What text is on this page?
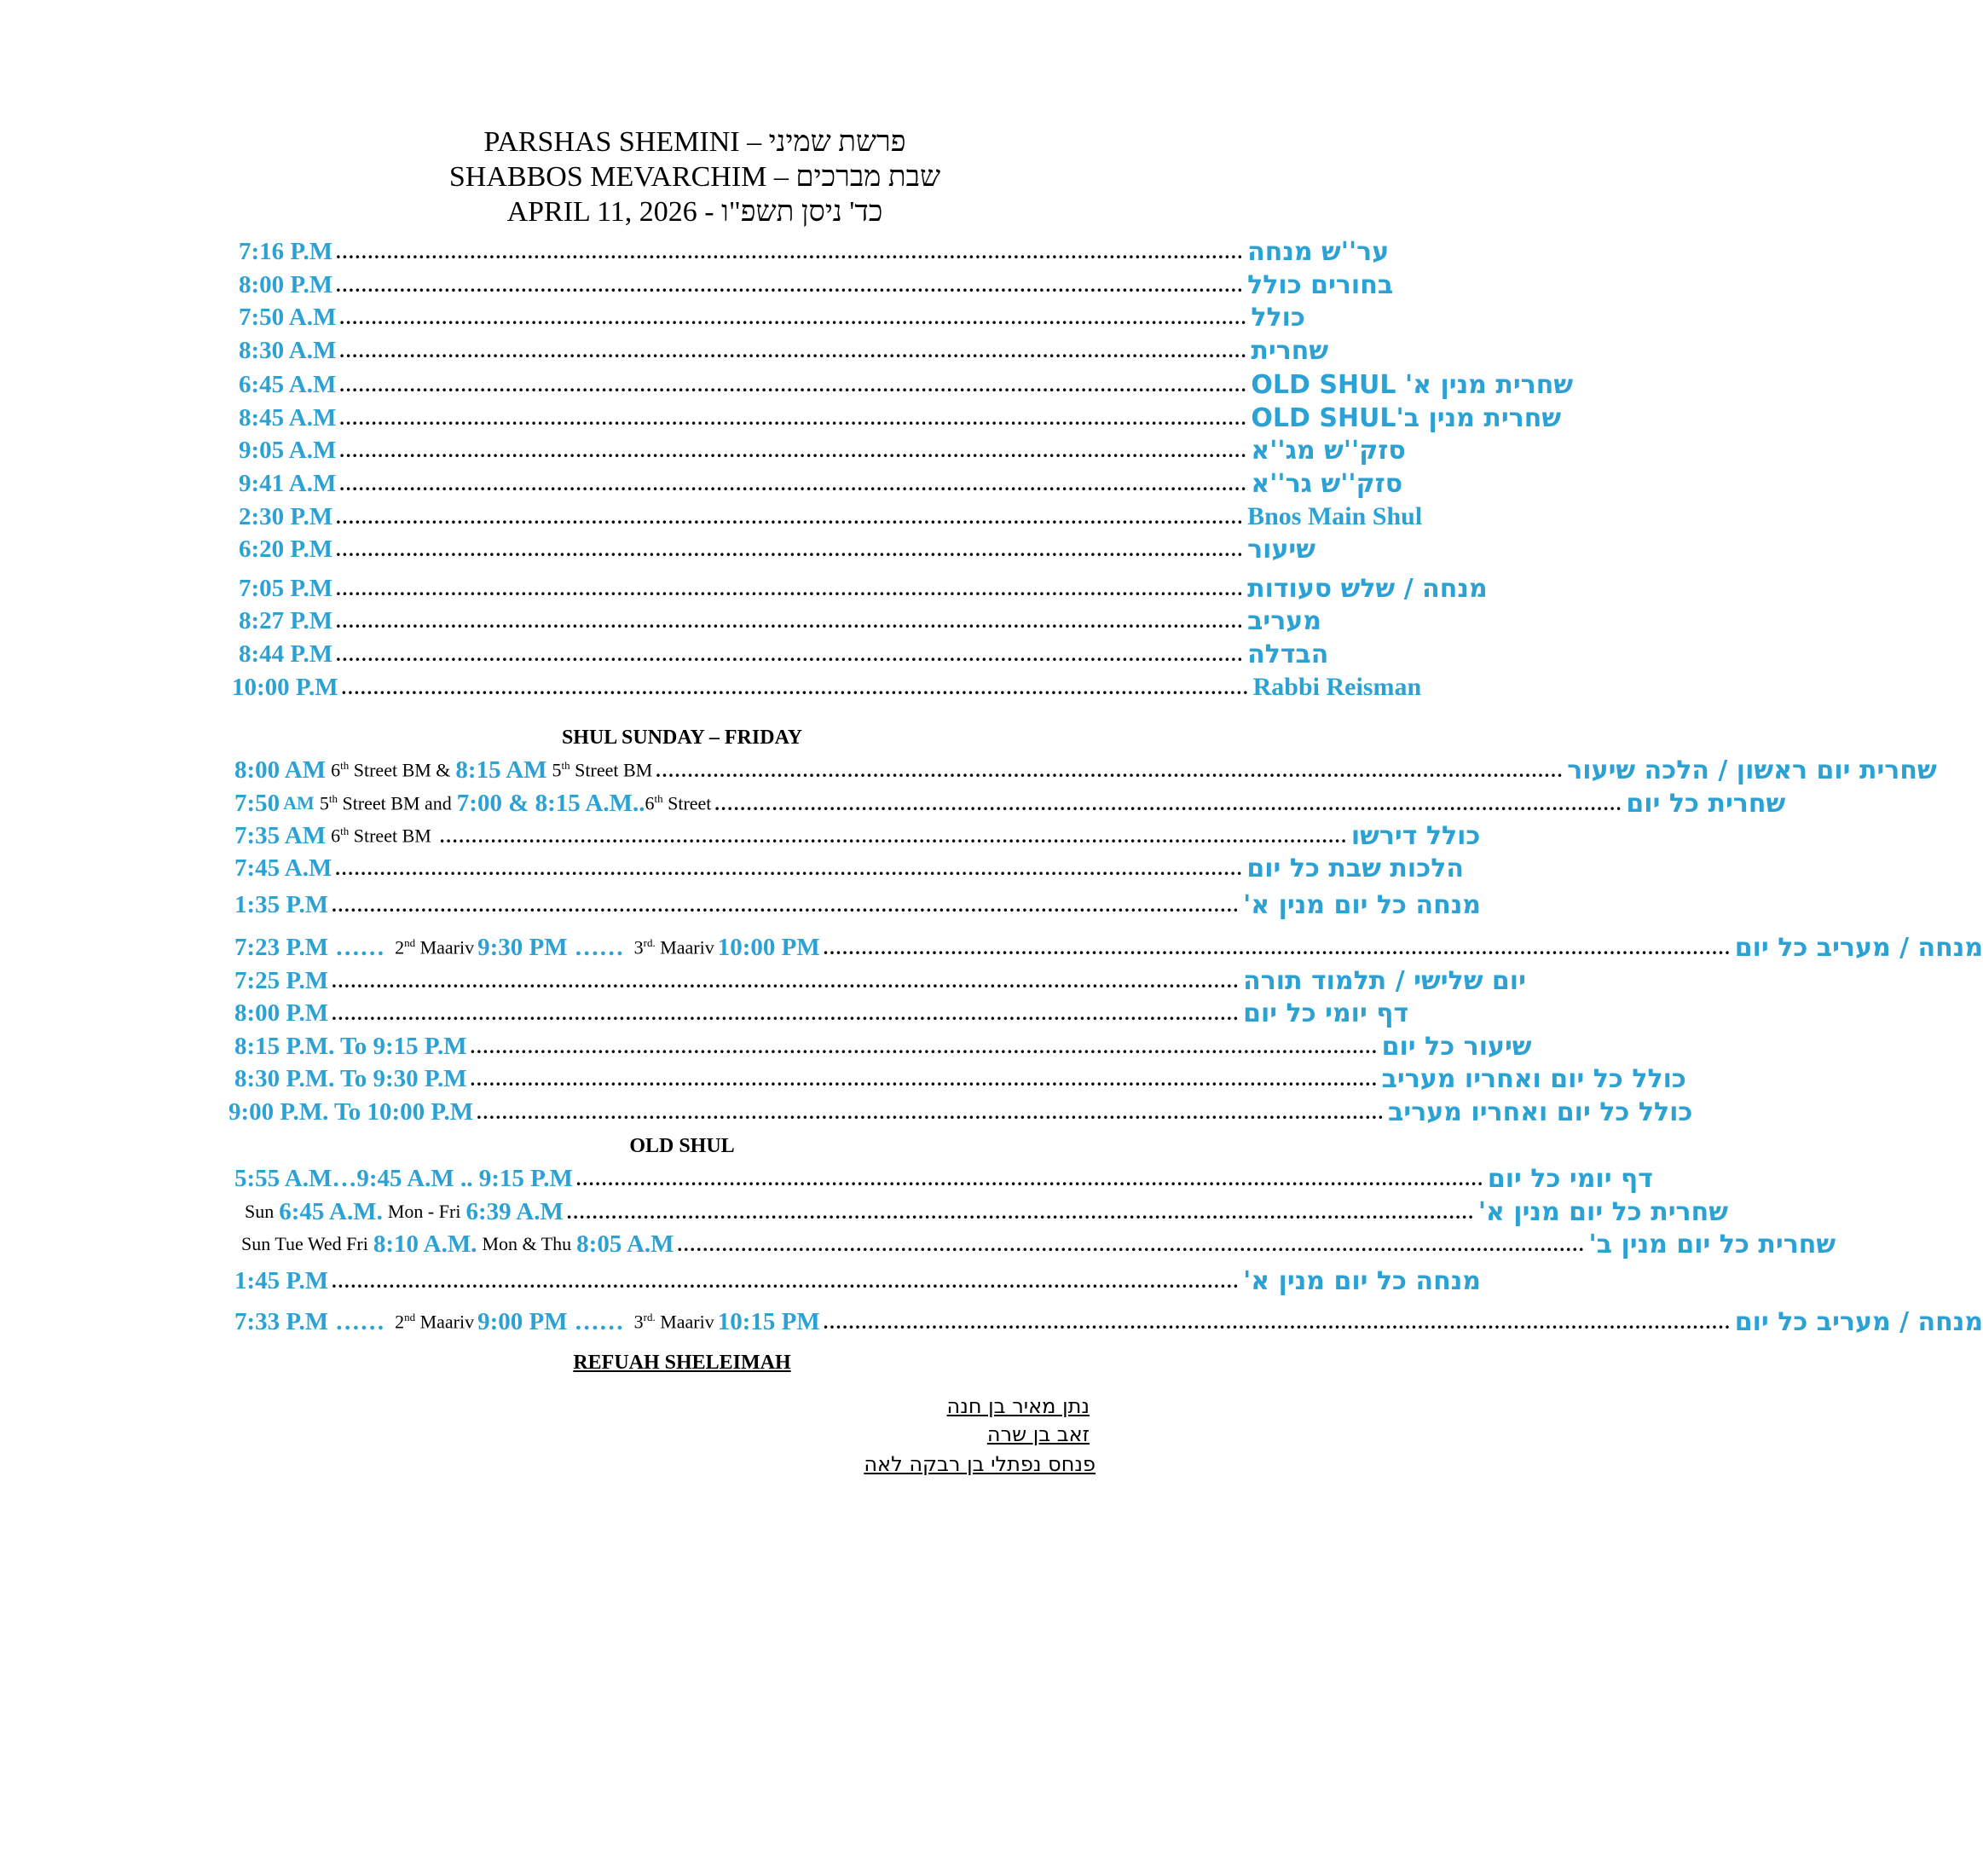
PARSHAS SHEMINI – פרשת שמיני
SHABBOS MEVARCHIM – שבת מברכים
APRIL 11, 2026 - כד' ניסן תשפ"ו
7:16 P.M .............................................................................................................................................. ער''ש מנחה
8:00 P.M .............................................................................................................................................. בחורים כולל
7:50 A.M .............................................................................................................................................. כולל
8:30 A.M .............................................................................................................................................. שחרית
6:45 A.M .............................................................................................................................................. שחרית מנין א' OLD SHUL
8:45 A.M .............................................................................................................................................. שחרית מנין ב'OLD SHUL
9:05 A.M .............................................................................................................................................. סזק''ש מג''א
9:41 A.M .............................................................................................................................................. סזק''ש גר''א
2:30 P.M .............................................................................................................................................. Bnos Main Shul
6:20 P.M .............................................................................................................................................. שיעור
7:05 P.M .............................................................................................................................................. מנחה / שלש סעודות
8:27 P.M .............................................................................................................................................. מעריב
8:44 P.M .............................................................................................................................................. הבדלה
10:00 P.M .............................................................................................................................................. Rabbi Reisman
SHUL SUNDAY – FRIDAY
8:00 AM 6th Street BM & 8:15 AM 5th Street BM .............................................................................................................................................. שחרית יום ראשון / הלכה שיעור
7:50 AM 5th Street BM and 7:00 & 8:15 A.M.. 6th Street .............................................................................................................................................. שחרית כל יום
7:35 AM 6th Street BM .............................................................................................................................................. כולל דירשו
7:45 A.M .............................................................................................................................................. הלכות שבת כל יום
1:35 P.M .............................................................................................................................................. מנחה כל יום מנין א'
7:23 P.M …… 2nd Maariv 9:30 PM …… $3^{rd.}$ Maariv 10:00 PM .............................................................................................................................................. מנחה / מעריב כל יום
7:25 P.M .............................................................................................................................................. יום שלישי / תלמוד תורה
8:00 P.M .............................................................................................................................................. דף יומי כל יום
8:15 P.M. To 9:15 P.M .............................................................................................................................................. שיעור כל יום
8:30 P.M. To 9:30 P.M .............................................................................................................................................. כולל כל יום ואחריו מעריב
9:00 P.M. To 10:00 P.M .............................................................................................................................................. כולל כל יום ואחריו מעריב
OLD SHUL
5:55 A.M…9:45 A.M .. 9:15 P.M .............................................................................................................................................. דף יומי כל יום
Sun 6:45 A.M. Mon - Fri 6:39 A.M .............................................................................................................................................. שחרית כל יום מנין א'
Sun Tue Wed Fri 8:10 A.M. Mon & Thu 8:05 A.M .............................................................................................................................................. שחרית כל יום מנין ב'
1:45 P.M .............................................................................................................................................. מנחה כל יום מנין א'
7:33 P.M …… 2nd Maariv 9:00 PM …… $3^{rd.}$ Maariv 10:15 PM .............................................................................................................................................. מנחה / מעריב כל יום
REFUAH SHELEIMAH
נתן מאיר בן חנה
זאב בן שרה
פנחס נפתלי בן רבקה לאה
